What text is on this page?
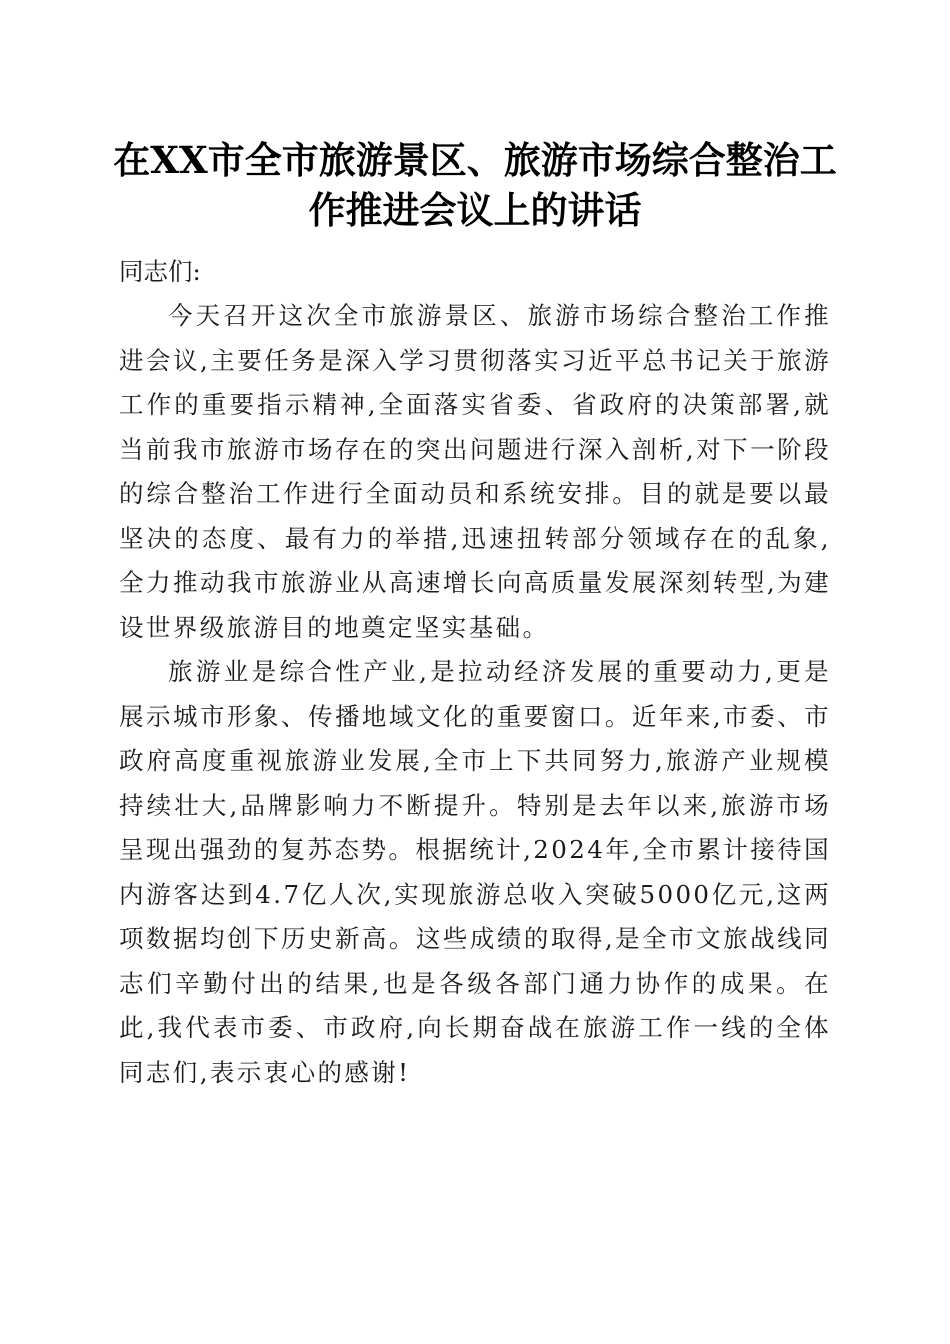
在XX市全市旅游景区、旅游市场综合整治工
作推进会议上的讲话

同志们:

今天召开这次全市旅游景区、旅游市场综合整治工作推进会议,主要任务是深入学习贯彻落实习近平总书记关于旅游工作的重要指示精神,全面落实省委、省政府的决策部署,就当前我市旅游市场存在的突出问题进行深入剖析,对下一阶段的综合整治工作进行全面动员和系统安排。目的就是要以最坚决的态度、最有力的举措,迅速扭转部分领域存在的乱象,全力推动我市旅游业从高速增长向高质量发展深刻转型,为建设世界级旅游目的地奠定坚实基础。

旅游业是综合性产业,是拉动经济发展的重要动力,更是展示城市形象、传播地域文化的重要窗口。近年来,市委、市政府高度重视旅游业发展,全市上下共同努力,旅游产业规模持续壮大,品牌影响力不断提升。特别是去年以来,旅游市场呈现出强劲的复苏态势。根据统计,2024年,全市累计接待国内游客达到4.7亿人次,实现旅游总收入突破5000亿元,这两项数据均创下历史新高。这些成绩的取得,是全市文旅战线同志们辛勤付出的结果,也是各级各部门通力协作的成果。在此,我代表市委、市政府,向长期奋战在旅游工作一线的全体同志们,表示衷心的感谢!
